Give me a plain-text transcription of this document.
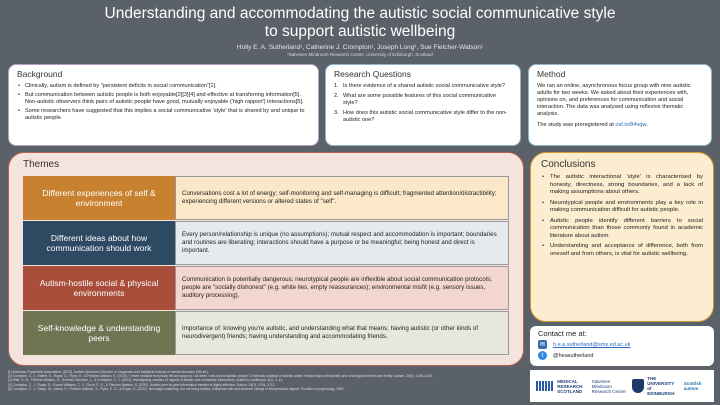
Understanding and accommodating the autistic social communicative style
to support autistic wellbeing
Holly E. A. Sutherland¹, Catherine J. Crompton¹, Joseph Long¹, Sue Fletcher-Watson¹
¹Salvesen Mindroom Research Centre, University of Edinburgh, Scotland
Background
• Clinically, autism is defined by "persistent deficits in social communication"[1].
• But communication between autistic people is both enjoyable[2][3][4] and effective at transferring information[5]. Non-autistic observers think pairs of autistic people have good, mutually enjoyable ('high rapport') interactions[5].
• Some researchers have suggested that this implies a social communicative 'style' that is shared by and unique to autistic people.
Research Questions
1. Is there evidence of a shared autistic social communicative style?
2. What are some possible features of this social communicative style?
3. How does this autistic social communicative style differ to the non-autistic one?
Method

We ran an online, asynchronous focus group with nine autistic adults for two weeks. We asked about their experiences with, opinions on, and preferences for communication and social interaction. The data was analysed using reflexive thematic analysis.

The study was preregistered at osf.io/84vqw.

Themes
Different experiences of self & environment
Conversations cost a lot of energy; self-monitoring and self-managing is difficult; fragmented attention/distractibility; experiencing different versions or altered states of "self".
Different ideas about how communication should work
Every person/relationship is unique (no assumptions); mutual respect and accommodation is important; boundaries and routines are liberating; interactions should have a purpose or be meaningful; being honest and direct is important.
Autism-hostile social & physical environments
Communication is potentially dangerous; neurotypical people are inflexible about social communication protocols; people are "socially dishonest" (e.g. white lies, empty reassurances); environmental misfit (e.g. sensory issues, auditory processing).
Self-knowledge & understanding peers
Importance of: knowing you're autistic, and understanding what that means; having autistic (or other kinds of neurodivergent) friends; having understanding and accommodating friends.
Conclusions
• The autistic interactional 'style' is characterised by honesty, directness, strong boundaries, and a lack of making assumptions about others.
• Neurotypical people and environments play a key role in making communication difficult for autistic people.
• Autistic people identify different barriers to social communication than those commonly found in academic literature about autism.
• Understanding and acceptance of difference, both from oneself and from others, is vital for autistic wellbeing.
Contact me at:
✉	h.e.a.sutherland@sms.ed.ac.uk
t	@heasutherland
[1] American Psychiatric Association. (2013). Autistic Spectrum Disorder. In Diagnostic and statistical manual of mental disorders (5th ed.).
[2] Crompton, C. J., Hallett, S., Ropar, D., Flynn, E., & Fletcher-Watson, S. (2020). 'I never realised everybody felt as happy as I do when I am around autistic people': A thematic analysis of autistic adults' relationships with autistic and neurotypical friends and family. Autism, 24(6), 1438–1448.
[3] Rifai, O. M., Fletcher-Watson, S., Jiménez-Sánchez, L., & Crompton, C. J. (2022). Investigating markers of rapport in autistic and nonautistic interactions. Autism in Adulthood, 4(1), 3–11.
[4] Crompton, C. J., Ropar, D., Evans-Williams, C. V., Flynn, E. G., & Fletcher-Watson, S. (2020). Autistic peer-to-peer information transfer is highly effective. Autism, 24(7), 1704–1712.
[5] Crompton, C. J., Sharp, M., Axbey, H., Fletcher-Watson, S., Flynn, E. G., & Ropar, D. (2020). Neurotype-matching, but not being autistic, influences self and observer ratings of interpersonal rapport. Frontiers in psychology, 2961.
MEDICAL RESEARCH SCOTLAND
Salvesen Mindroom Research Centre
THE UNIVERSITY of EDINBURGH
Scottish autism
